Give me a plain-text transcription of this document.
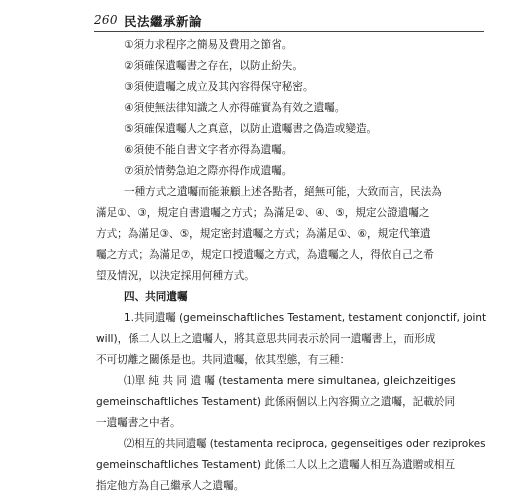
260 民法繼承新論
①須力求程序之簡易及費用之節省。
②須確保遺囑書之存在，以防止紛失。
③須使遺囑之成立及其內容得保守秘密。
④須使無法律知識之人亦得確實為有效之遺囑。
⑤須確保遺囑人之真意，以防止遺囑書之偽造或變造。
⑥須使不能自書文字者亦得為遺囑。
⑦須於情勢急迫之際亦得作成遺囑。
一種方式之遺囑而能兼顧上述各點者，絕無可能，大致而言，民法為
滿足①、③，規定自書遺囑之方式；為滿足②、④、⑤，規定公證遺囑之
方式；為滿足③、⑤，規定密封遺囑之方式；為滿足①、⑥，規定代筆遺
囑之方式；為滿足⑦，規定口授遺囑之方式，為遺囑之人，得依自己之希
望及情況，以決定採用何種方式。
四、共同遺囑
1.共同遺囑 (gemeinschaftliches Testament, testament conjonctif, joint
will)，係二人以上之遺囑人，將其意思共同表示於同一遺囑書上，而形成
不可切離之關係是也。共同遺囑，依其型態，有三種：
⑴單 純 共 同 遺 囑 (testamenta mere simultanea, gleichzeitiges
gemeinschaftliches Testament) 此係兩個以上內容獨立之遺囑，記載於同
一遺囑書之中者。
⑵相互的共同遺囑 (testamenta reciproca, gegenseitiges oder reziprokes
gemeinschaftliches Testament) 此係二人以上之遺囑人相互為遺贈或相互
指定他方為自己繼承人之遺囑。
